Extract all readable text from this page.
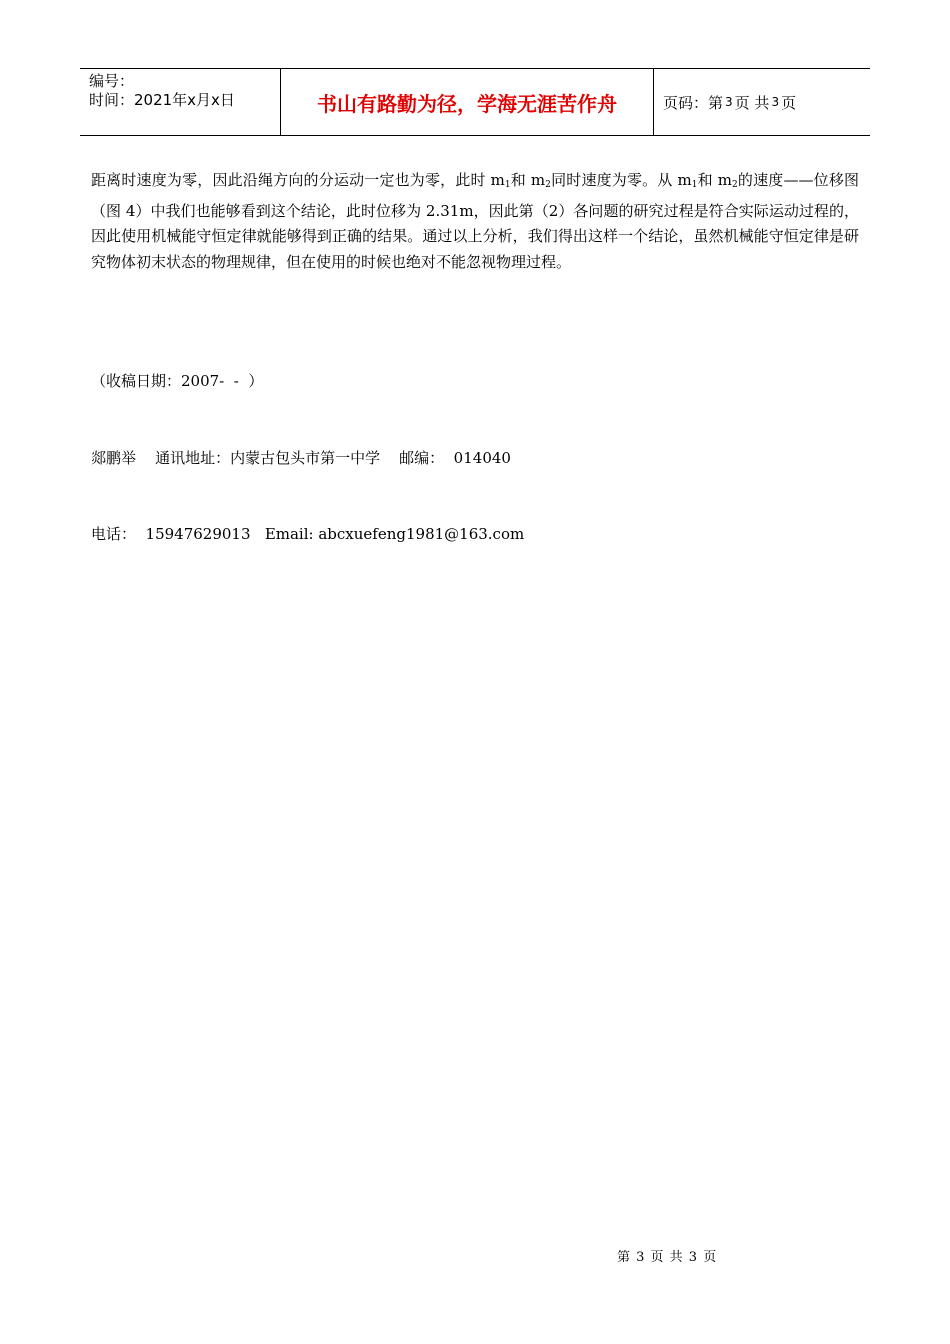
编号：
时间：2021年x月x日	书山有路勤为径，学海无涯苦作舟	页码：第 3 页 共 3 页

距离时速度为零，因此沿绳方向的分运动一定也为零，此时 $m_1$和 $m_2$同时速度为零。从 $m_1$和 $m_2$的速度——位移图（图 4）中我们也能够看到这个结论，此时位移为 2.31m，因此第（2）各问题的研究过程是符合实际运动过程的，因此使用机械能守恒定律就能够得到正确的结果。通过以上分析，我们得出这样一个结论，虽然机械能守恒定律是研究物体初末状态的物理规律，但在使用的时候也绝对不能忽视物理过程。

（收稿日期：2007-  -  ）

郯鹏举    通讯地址：内蒙古包头市第一中学    邮编：  014040

电话：  15947629013   Email: abcxuefeng1981@163.com

第 3 页 共 3 页
